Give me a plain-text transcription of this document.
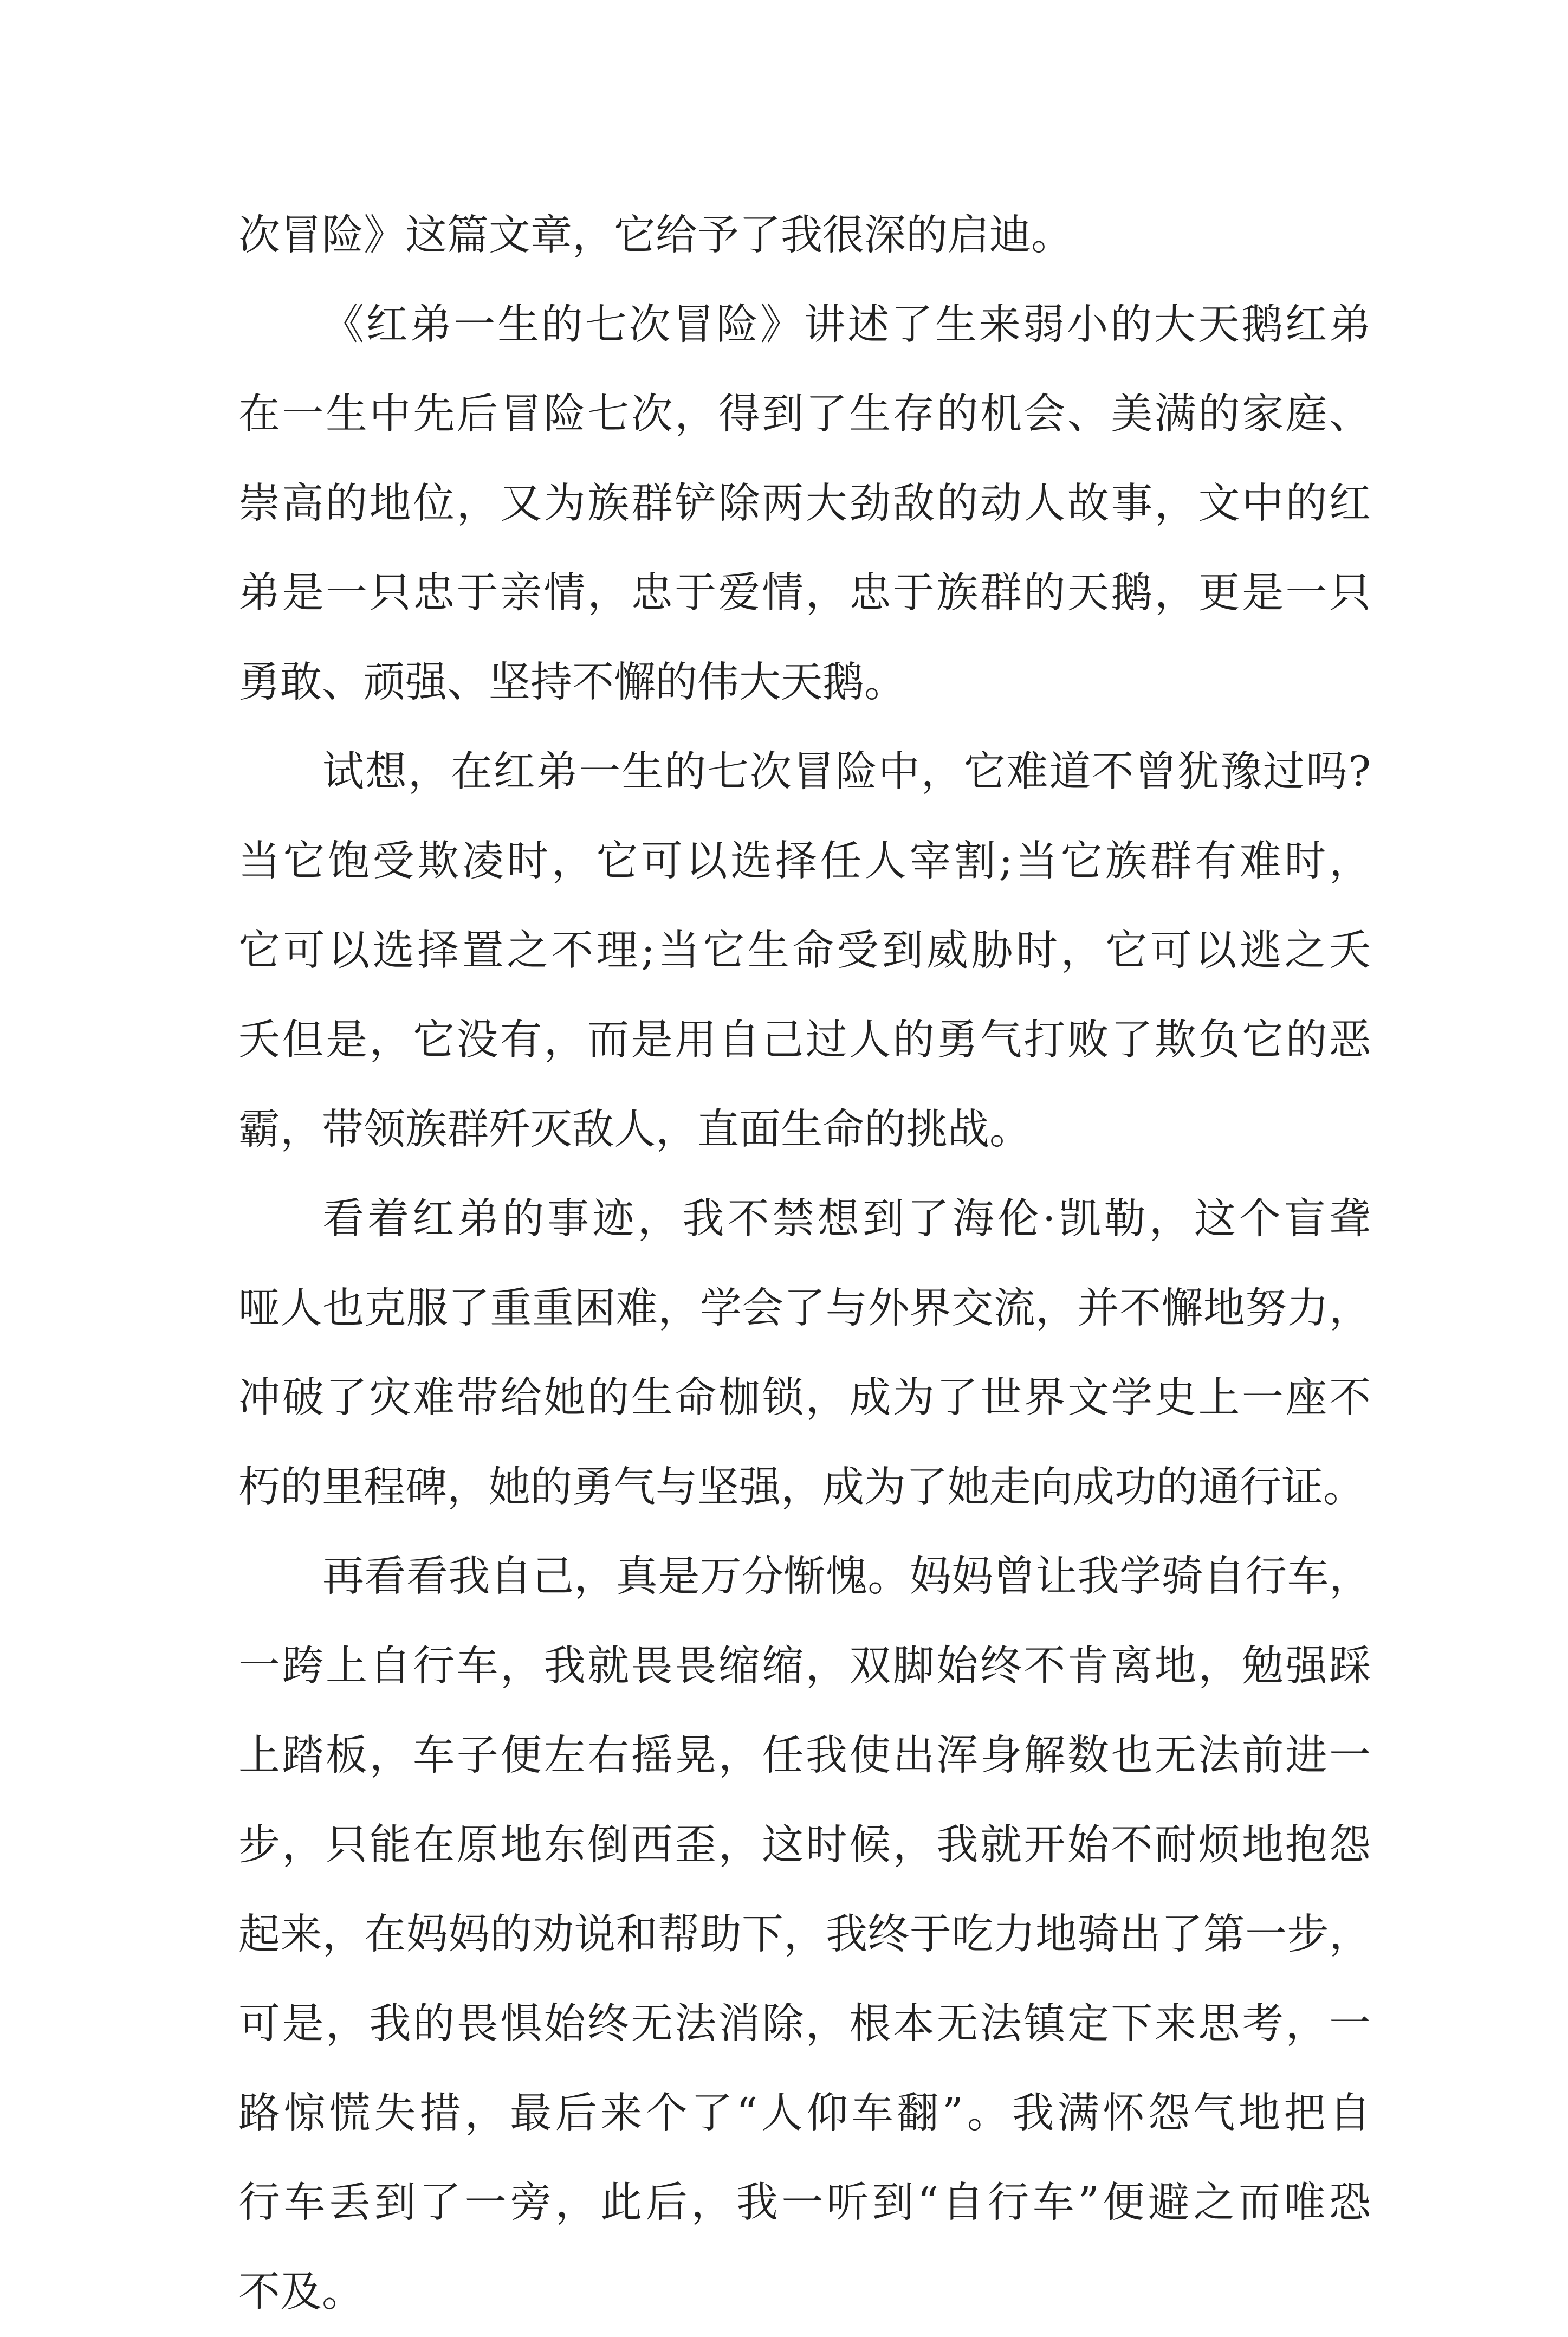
次冒险》这篇文章，它给予了我很深的启迪。
《红弟一生的七次冒险》讲述了生来弱小的大天鹅红弟
在一生中先后冒险七次，得到了生存的机会、美满的家庭、
崇高的地位，又为族群铲除两大劲敌的动人故事，文中的红
弟是一只忠于亲情，忠于爱情，忠于族群的天鹅，更是一只
勇敢、顽强、坚持不懈的伟大天鹅。
试想，在红弟一生的七次冒险中，它难道不曾犹豫过吗?
当它饱受欺凌时，它可以选择任人宰割;当它族群有难时，
它可以选择置之不理;当它生命受到威胁时，它可以逃之夭
夭但是，它没有，而是用自己过人的勇气打败了欺负它的恶
霸，带领族群歼灭敌人，直面生命的挑战。
看着红弟的事迹，我不禁想到了海伦·凯勒，这个盲聋
哑人也克服了重重困难，学会了与外界交流，并不懈地努力，
冲破了灾难带给她的生命枷锁，成为了世界文学史上一座不
朽的里程碑，她的勇气与坚强，成为了她走向成功的通行证。
再看看我自己，真是万分惭愧。妈妈曾让我学骑自行车，
一跨上自行车，我就畏畏缩缩，双脚始终不肯离地，勉强踩
上踏板，车子便左右摇晃，任我使出浑身解数也无法前进一
步，只能在原地东倒西歪，这时候，我就开始不耐烦地抱怨
起来，在妈妈的劝说和帮助下，我终于吃力地骑出了第一步，
可是，我的畏惧始终无法消除，根本无法镇定下来思考，一
路惊慌失措，最后来个了“人仰车翻”。我满怀怨气地把自
行车丢到了一旁，此后，我一听到“自行车”便避之而唯恐
不及。
